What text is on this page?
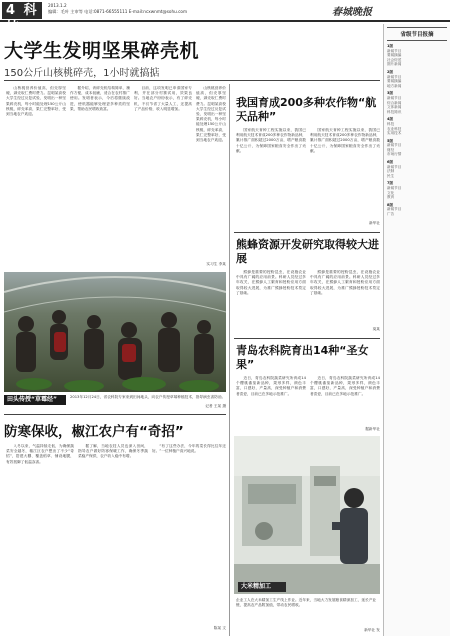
4 科技
2013.1.2
编辑：毛叶 主审等 电话:0871-66555111 E-mail:ncxwnmt@sohu.com	春城晚报
省级节目报摘
1版
新闻节目
要闻摘编
社会综述
图片新闻
2版
新闻节目
要闻摘编
地方新闻
3版
新闻节目
综合新闻
文体新闻
科技简讯
4版
科技
农业科技
实用技术
5版
新闻节目
财经
市场行情
6版
新闻节目
法制
民生
7版
新闻节目
文化
教育
8版
新闻节目
广告
大学生发明坚果碎壳机
150公斤山核桃碎壳，1小时就搞掂

山核桃营养价值高，但壳厚坚硬，剥壳取仁费时费力。昆明某高校大学生经过反复试验，发明出一种坚果碎壳机，每小时能处理150公斤山核桃，碎壳率高，果仁完整率好，受到当地农户欢迎。

据介绍，该碎壳机结构简单，操作方便，成本低廉，适合在农村推广使用。发明者表示，今后将继续改进，使机器能够处理更多种类的坚果，帮助农民增收致富。

目前，这项发明已申请国家专利，并在部分村寨试用，效果良好。当地农户纷纷表示，有了碎壳机，不仅节省了大量人工，还提高了产品价格，收入明显增加。

山核桃营养价值高，但壳厚坚硬，剥壳取仁费时费力。昆明某高校大学生经过反复试验，发明出一种坚果碎壳机，每小时能处理150公斤山核桃，碎壳率高，果仁完整率好，受到当地农户欢迎。

实习生 李某
田头传授“草霉经”	2013年12月24日，省农科院专家来到田间地头，向农户传授草莓种植技术，指导病虫害防治。
记者 王某 摄
防寒保收，椒江农户有“奇招”

入冬以来，气温持续走低，为确保蔬菜安全越冬，椒江区农户想出了不少“奇招”，搭建大棚、覆盖稻草、铺设地膜，有效抵御了低温冻害。

据了解，当地农技人员也深入田间，指导农户做好防寒保暖工作，确保冬季蔬菜稳产保供，农户收入稳中有增。

“有了这些办法，今年的菜长得比往年还好。”一位种植户高兴地说。

陈某 文
我国育成200多种农作物“航天品种”

国家航天育种工程实施以来，我国已利用航天技术育成200多种农作物新品种，累计推广面积超过2000万亩，增产粮食数十亿公斤，为保障国家粮食安全作出了贡献。

国家航天育种工程实施以来，我国已利用航天技术育成200多种农作物新品种，累计推广面积超过2000万亩，增产粮食数十亿公斤，为保障国家粮食安全作出了贡献。

新华社
熊蜂资源开发研究取得较大进展

熊蜂是重要的授粉昆虫，在设施农业中具有广阔的应用前景。科研人员经过多年攻关，在熊蜂人工繁育和授粉应用方面取得较大进展，为推广熊蜂授粉技术奠定了基础。

熊蜂是重要的授粉昆虫，在设施农业中具有广阔的应用前景。科研人员经过多年攻关，在熊蜂人工繁育和授粉应用方面取得较大进展，为推广熊蜂授粉技术奠定了基础。

莫某
青岛农科院育出14种“圣女果”

近日，青岛农科院蔬菜研究所育成14个樱桃番茄新品种，果形多样，颜色丰富，口感好，产量高，深受种植户和消费者喜爱，目前已在多地示范推广。

近日，青岛农科院蔬菜研究所育成14个樱桃番茄新品种，果形多样，颜色丰富，口感好，产量高，深受种植户和消费者喜爱，目前已在多地示范推广。

据新华社
大米精加工
企业工人在大米精加工生产线上作业。近年来，当地大力发展粮食精深加工，延长产业链，提高农产品附加值，带动农民增收。
新华社 发
